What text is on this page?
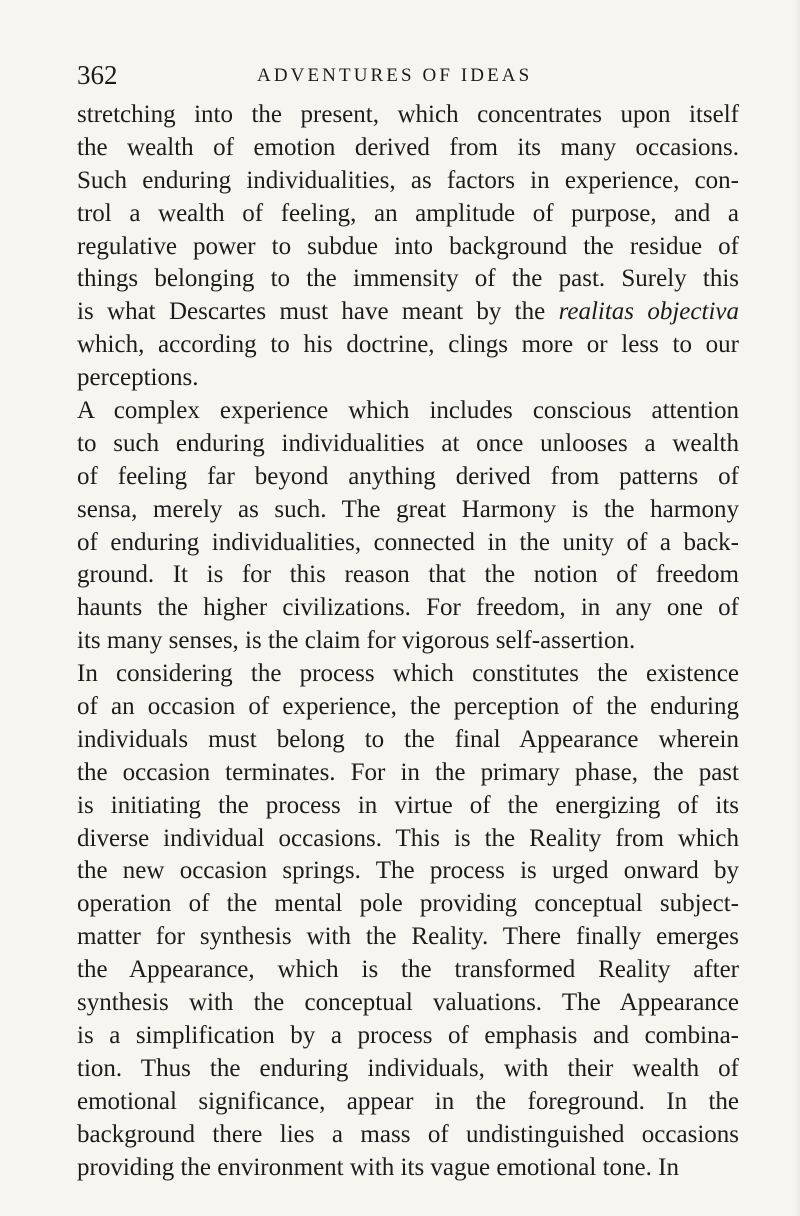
362	ADVENTURES OF IDEAS
stretching into the present, which concentrates upon itself
the wealth of emotion derived from its many occasions.
Such enduring individualities, as factors in experience, con-
trol a wealth of feeling, an amplitude of purpose, and a
regulative power to subdue into background the residue of
things belonging to the immensity of the past. Surely this
is what Descartes must have meant by the realitas objectiva
which, according to his doctrine, clings more or less to our
perceptions.
A complex experience which includes conscious attention
to such enduring individualities at once unlooses a wealth
of feeling far beyond anything derived from patterns of
sensa, merely as such. The great Harmony is the harmony
of enduring individualities, connected in the unity of a back-
ground. It is for this reason that the notion of freedom
haunts the higher civilizations. For freedom, in any one of
its many senses, is the claim for vigorous self-assertion.
In considering the process which constitutes the existence
of an occasion of experience, the perception of the enduring
individuals must belong to the final Appearance wherein
the occasion terminates. For in the primary phase, the past
is initiating the process in virtue of the energizing of its
diverse individual occasions. This is the Reality from which
the new occasion springs. The process is urged onward by
operation of the mental pole providing conceptual subject-
matter for synthesis with the Reality. There finally emerges
the Appearance, which is the transformed Reality after
synthesis with the conceptual valuations. The Appearance
is a simplification by a process of emphasis and combina-
tion. Thus the enduring individuals, with their wealth of
emotional significance, appear in the foreground. In the
background there lies a mass of undistinguished occasions
providing the environment with its vague emotional tone. In
